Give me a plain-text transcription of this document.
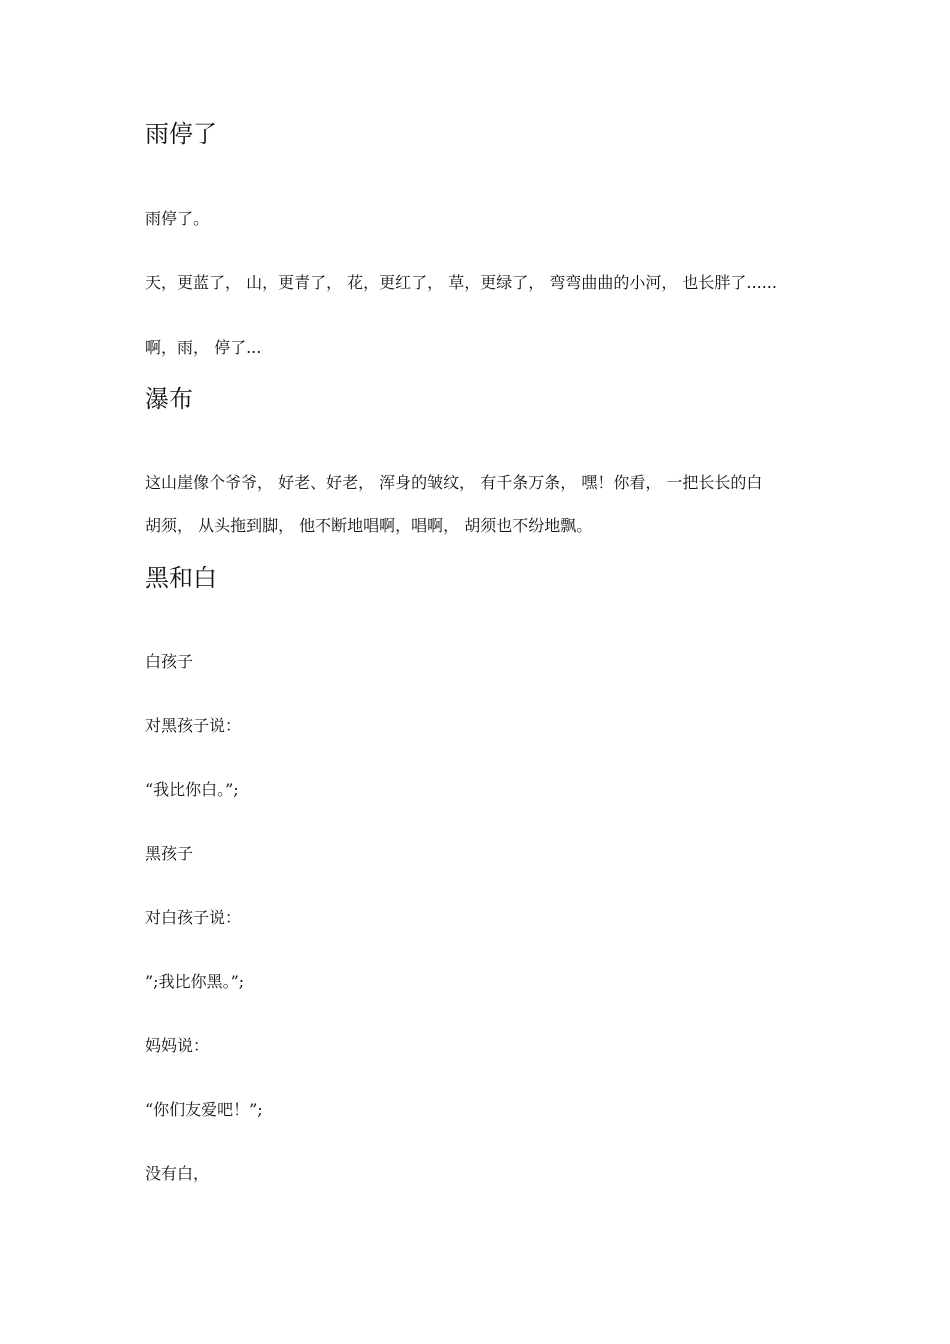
雨停了

雨停了。

天，更蓝了， 山，更青了， 花，更红了， 草，更绿了， 弯弯曲曲的小河， 也长胖了......

啊，雨， 停了...

瀑布

这山崖像个爷爷， 好老、好老， 浑身的皱纹， 有千条万条， 嘿！你看， 一把长长的白

胡须， 从头拖到脚， 他不断地唱啊，唱啊， 胡须也不纷地飘。

黑和白

白孩子

对黑孩子说：

“我比你白。”;

黑孩子

对白孩子说：

”;我比你黑。”;

妈妈说：

“你们友爱吧！”;

没有白，
